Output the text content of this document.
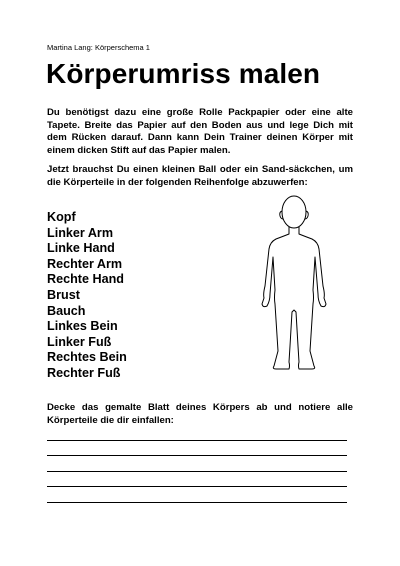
Martina Lang: Körperschema 1
Körperumriss malen

Du benötigst dazu eine große Rolle Packpapier oder eine alte Tapete. Breite das Papier auf den Boden aus und lege Dich mit dem Rücken darauf. Dann kann Dein Trainer deinen Körper mit einem dicken Stift auf das Papier malen.

Jetzt brauchst Du einen kleinen Ball oder ein Sand-säckchen, um die Körperteile in der folgenden Reihenfolge abzuwerfen:

Kopf
Linker Arm
Linke Hand
Rechter Arm
Rechte Hand
Brust
Bauch
Linkes Bein
Linker Fuß
Rechtes Bein
Rechter Fuß

Decke das gemalte Blatt deines Körpers ab und notiere alle Körperteile die dir einfallen:
